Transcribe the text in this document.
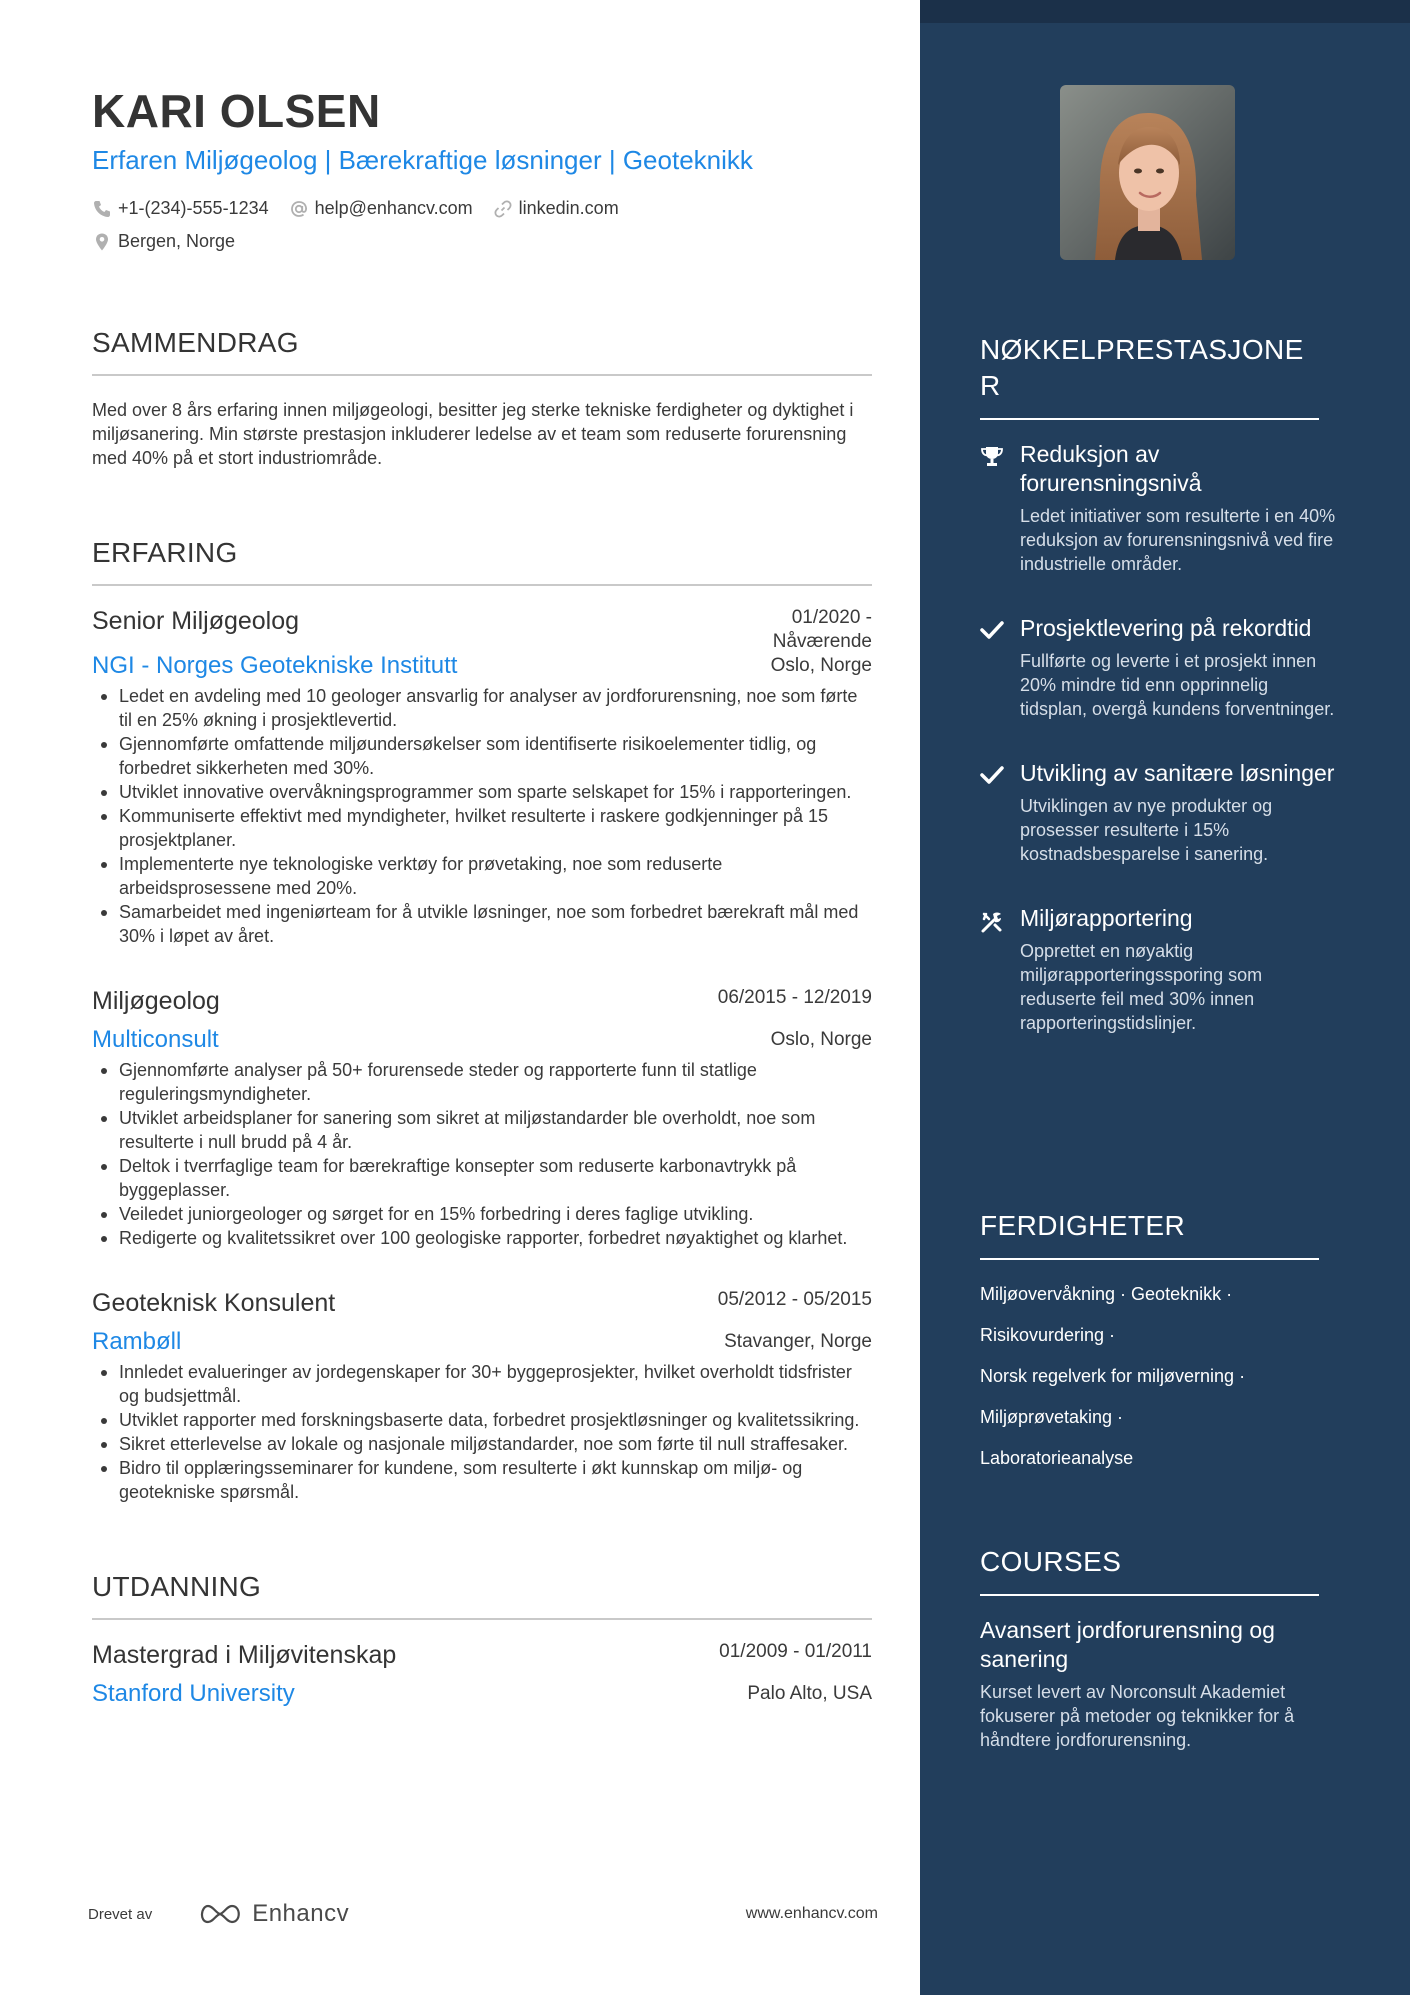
KARI OLSEN
Erfaren Miljøgeolog | Bærekraftige løsninger | Geoteknikk
+1-(234)-555-1234	help@enhancv.com	linkedin.com
Bergen, Norge
SAMMENDRAG
Med over 8 års erfaring innen miljøgeologi, besitter jeg sterke tekniske ferdigheter og dyktighet i miljøsanering. Min største prestasjon inkluderer ledelse av et team som reduserte forurensning med 40% på et stort industriområde.
ERFARING
Senior Miljøgeolog	01/2020 - Nåværende
NGI - Norges Geotekniske Institutt	Oslo, Norge
Ledet en avdeling med 10 geologer ansvarlig for analyser av jordforurensning, noe som førte til en 25% økning i prosjektlevertid.
Gjennomførte omfattende miljøundersøkelser som identifiserte risikoelementer tidlig, og forbedret sikkerheten med 30%.
Utviklet innovative overvåkningsprogrammer som sparte selskapet for 15% i rapporteringen.
Kommuniserte effektivt med myndigheter, hvilket resulterte i raskere godkjenninger på 15 prosjektplaner.
Implementerte nye teknologiske verktøy for prøvetaking, noe som reduserte arbeidsprosessene med 20%.
Samarbeidet med ingeniørteam for å utvikle løsninger, noe som forbedret bærekraft mål med 30% i løpet av året.
Miljøgeolog	06/2015 - 12/2019
Multiconsult	Oslo, Norge
Gjennomførte analyser på 50+ forurensede steder og rapporterte funn til statlige reguleringsmyndigheter.
Utviklet arbeidsplaner for sanering som sikret at miljøstandarder ble overholdt, noe som resulterte i null brudd på 4 år.
Deltok i tverrfaglige team for bærekraftige konsepter som reduserte karbonavtrykk på byggeplasser.
Veiledet juniorgeologer og sørget for en 15% forbedring i deres faglige utvikling.
Redigerte og kvalitetssikret over 100 geologiske rapporter, forbedret nøyaktighet og klarhet.
Geoteknisk Konsulent	05/2012 - 05/2015
Rambøll	Stavanger, Norge
Innledet evalueringer av jordegenskaper for 30+ byggeprosjekter, hvilket overholdt tidsfrister og budsjettmål.
Utviklet rapporter med forskningsbaserte data, forbedret prosjektløsninger og kvalitetssikring.
Sikret etterlevelse av lokale og nasjonale miljøstandarder, noe som førte til null straffesaker.
Bidro til opplæringsseminarer for kundene, som resulterte i økt kunnskap om miljø- og geotekniske spørsmål.
UTDANNING
Mastergrad i Miljøvitenskap	01/2009 - 01/2011
Stanford University	Palo Alto, USA
Drevet av	Enhancv	www.enhancv.com
NØKKELPRESTASJONE
R
Reduksjon av forurensningsnivå
Ledet initiativer som resulterte i en 40% reduksjon av forurensningsnivå ved fire industrielle områder.
Prosjektlevering på rekordtid
Fullførte og leverte i et prosjekt innen 20% mindre tid enn opprinnelig tidsplan, overgå kundens forventninger.
Utvikling av sanitære løsninger
Utviklingen av nye produkter og prosesser resulterte i 15% kostnadsbesparelse i sanering.
Miljørapportering
Opprettet en nøyaktig miljørapporteringssporing som reduserte feil med 30% innen rapporteringstidslinjer.
FERDIGHETER
Miljøovervåkning · Geoteknikk ·
Risikovurdering ·
Norsk regelverk for miljøverning ·
Miljøprøvetaking ·
Laboratorieanalyse
COURSES
Avansert jordforurensning og sanering
Kurset levert av Norconsult Akademiet fokuserer på metoder og teknikker for å håndtere jordforurensning.
